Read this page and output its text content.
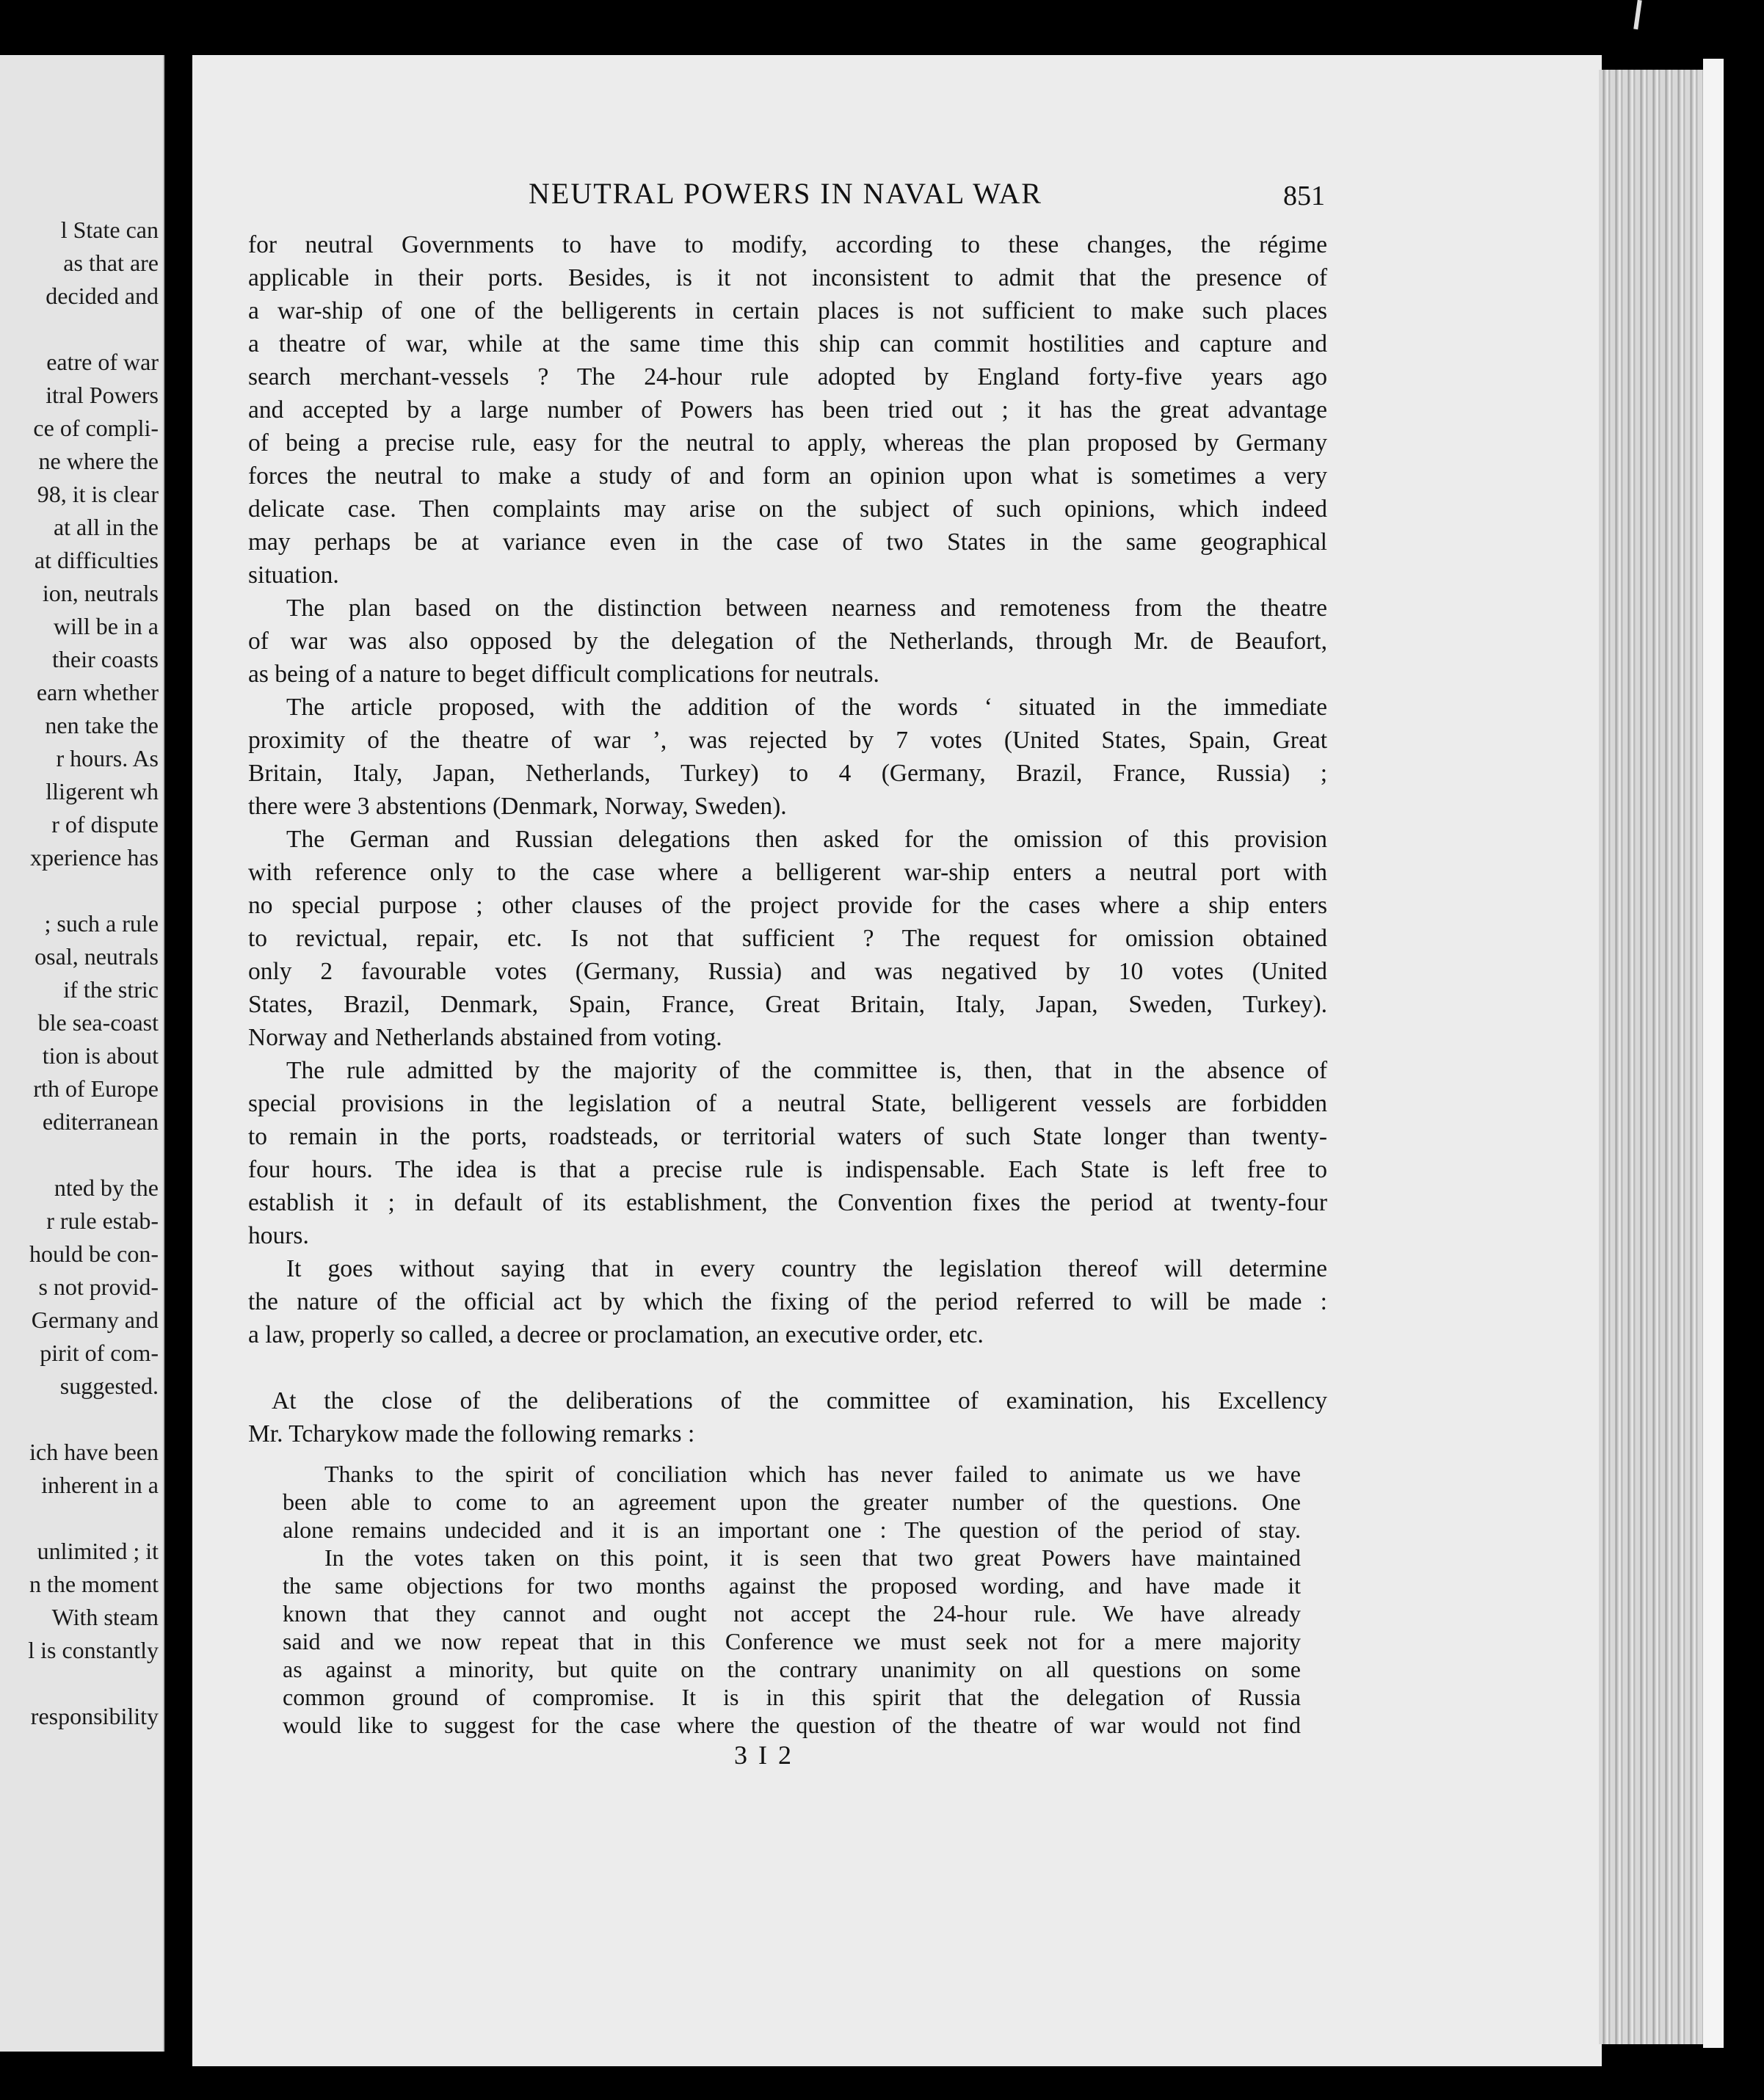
l State can
as that are
decided and
eatre of war
itral Powers
ce of compli-
ne where the
98, it is clear
at all in the
at difficulties
ion, neutrals
will be in a
their coasts
earn whether
nen take the
r hours. As
lligerent wh
r of dispute
xperience has
; such a rule
osal, neutrals
if the stric
ble sea-coast
tion is about
rth of Europe
editerranean
nted by the
r rule estab-
hould be con-
s not provid-
Germany and
pirit of com-
suggested.
ich have been
inherent in a
unlimited ; it
n the moment
With steam
l is constantly
responsibility
NEUTRAL POWERS IN NAVAL WAR	851
for neutral Governments to have to modify, according to these changes, the régime
applicable in their ports. Besides, is it not inconsistent to admit that the presence of
a war-ship of one of the belligerents in certain places is not sufficient to make such places
a theatre of war, while at the same time this ship can commit hostilities and capture and
search merchant-vessels ? The 24-hour rule adopted by England forty-five years ago
and accepted by a large number of Powers has been tried out ; it has the great advantage
of being a precise rule, easy for the neutral to apply, whereas the plan proposed by Germany
forces the neutral to make a study of and form an opinion upon what is sometimes a very
delicate case. Then complaints may arise on the subject of such opinions, which indeed
may perhaps be at variance even in the case of two States in the same geographical
situation.
The plan based on the distinction between nearness and remoteness from the theatre
of war was also opposed by the delegation of the Netherlands, through Mr. de Beaufort,
as being of a nature to beget difficult complications for neutrals.
The article proposed, with the addition of the words ‘ situated in the immediate
proximity of the theatre of war ’, was rejected by 7 votes (United States, Spain, Great
Britain, Italy, Japan, Netherlands, Turkey) to 4 (Germany, Brazil, France, Russia) ;
there were 3 abstentions (Denmark, Norway, Sweden).
The German and Russian delegations then asked for the omission of this provision
with reference only to the case where a belligerent war-ship enters a neutral port with
no special purpose ; other clauses of the project provide for the cases where a ship enters
to revictual, repair, etc. Is not that sufficient ? The request for omission obtained
only 2 favourable votes (Germany, Russia) and was negatived by 10 votes (United
States, Brazil, Denmark, Spain, France, Great Britain, Italy, Japan, Sweden, Turkey).
Norway and Netherlands abstained from voting.
The rule admitted by the majority of the committee is, then, that in the absence of
special provisions in the legislation of a neutral State, belligerent vessels are forbidden
to remain in the ports, roadsteads, or territorial waters of such State longer than twenty-
four hours. The idea is that a precise rule is indispensable. Each State is left free to
establish it ; in default of its establishment, the Convention fixes the period at twenty-four
hours.
It goes without saying that in every country the legislation thereof will determine
the nature of the official act by which the fixing of the period referred to will be made :
a law, properly so called, a decree or proclamation, an executive order, etc.
At the close of the deliberations of the committee of examination, his Excellency
Mr. Tcharykow made the following remarks :
Thanks to the spirit of conciliation which has never failed to animate us we have
been able to come to an agreement upon the greater number of the questions. One
alone remains undecided and it is an important one : The question of the period of stay.
In the votes taken on this point, it is seen that two great Powers have maintained
the same objections for two months against the proposed wording, and have made it
known that they cannot and ought not accept the 24-hour rule. We have already
said and we now repeat that in this Conference we must seek not for a mere majority
as against a minority, but quite on the contrary unanimity on all questions on some
common ground of compromise. It is in this spirit that the delegation of Russia
would like to suggest for the case where the question of the theatre of war would not find
3 I 2
